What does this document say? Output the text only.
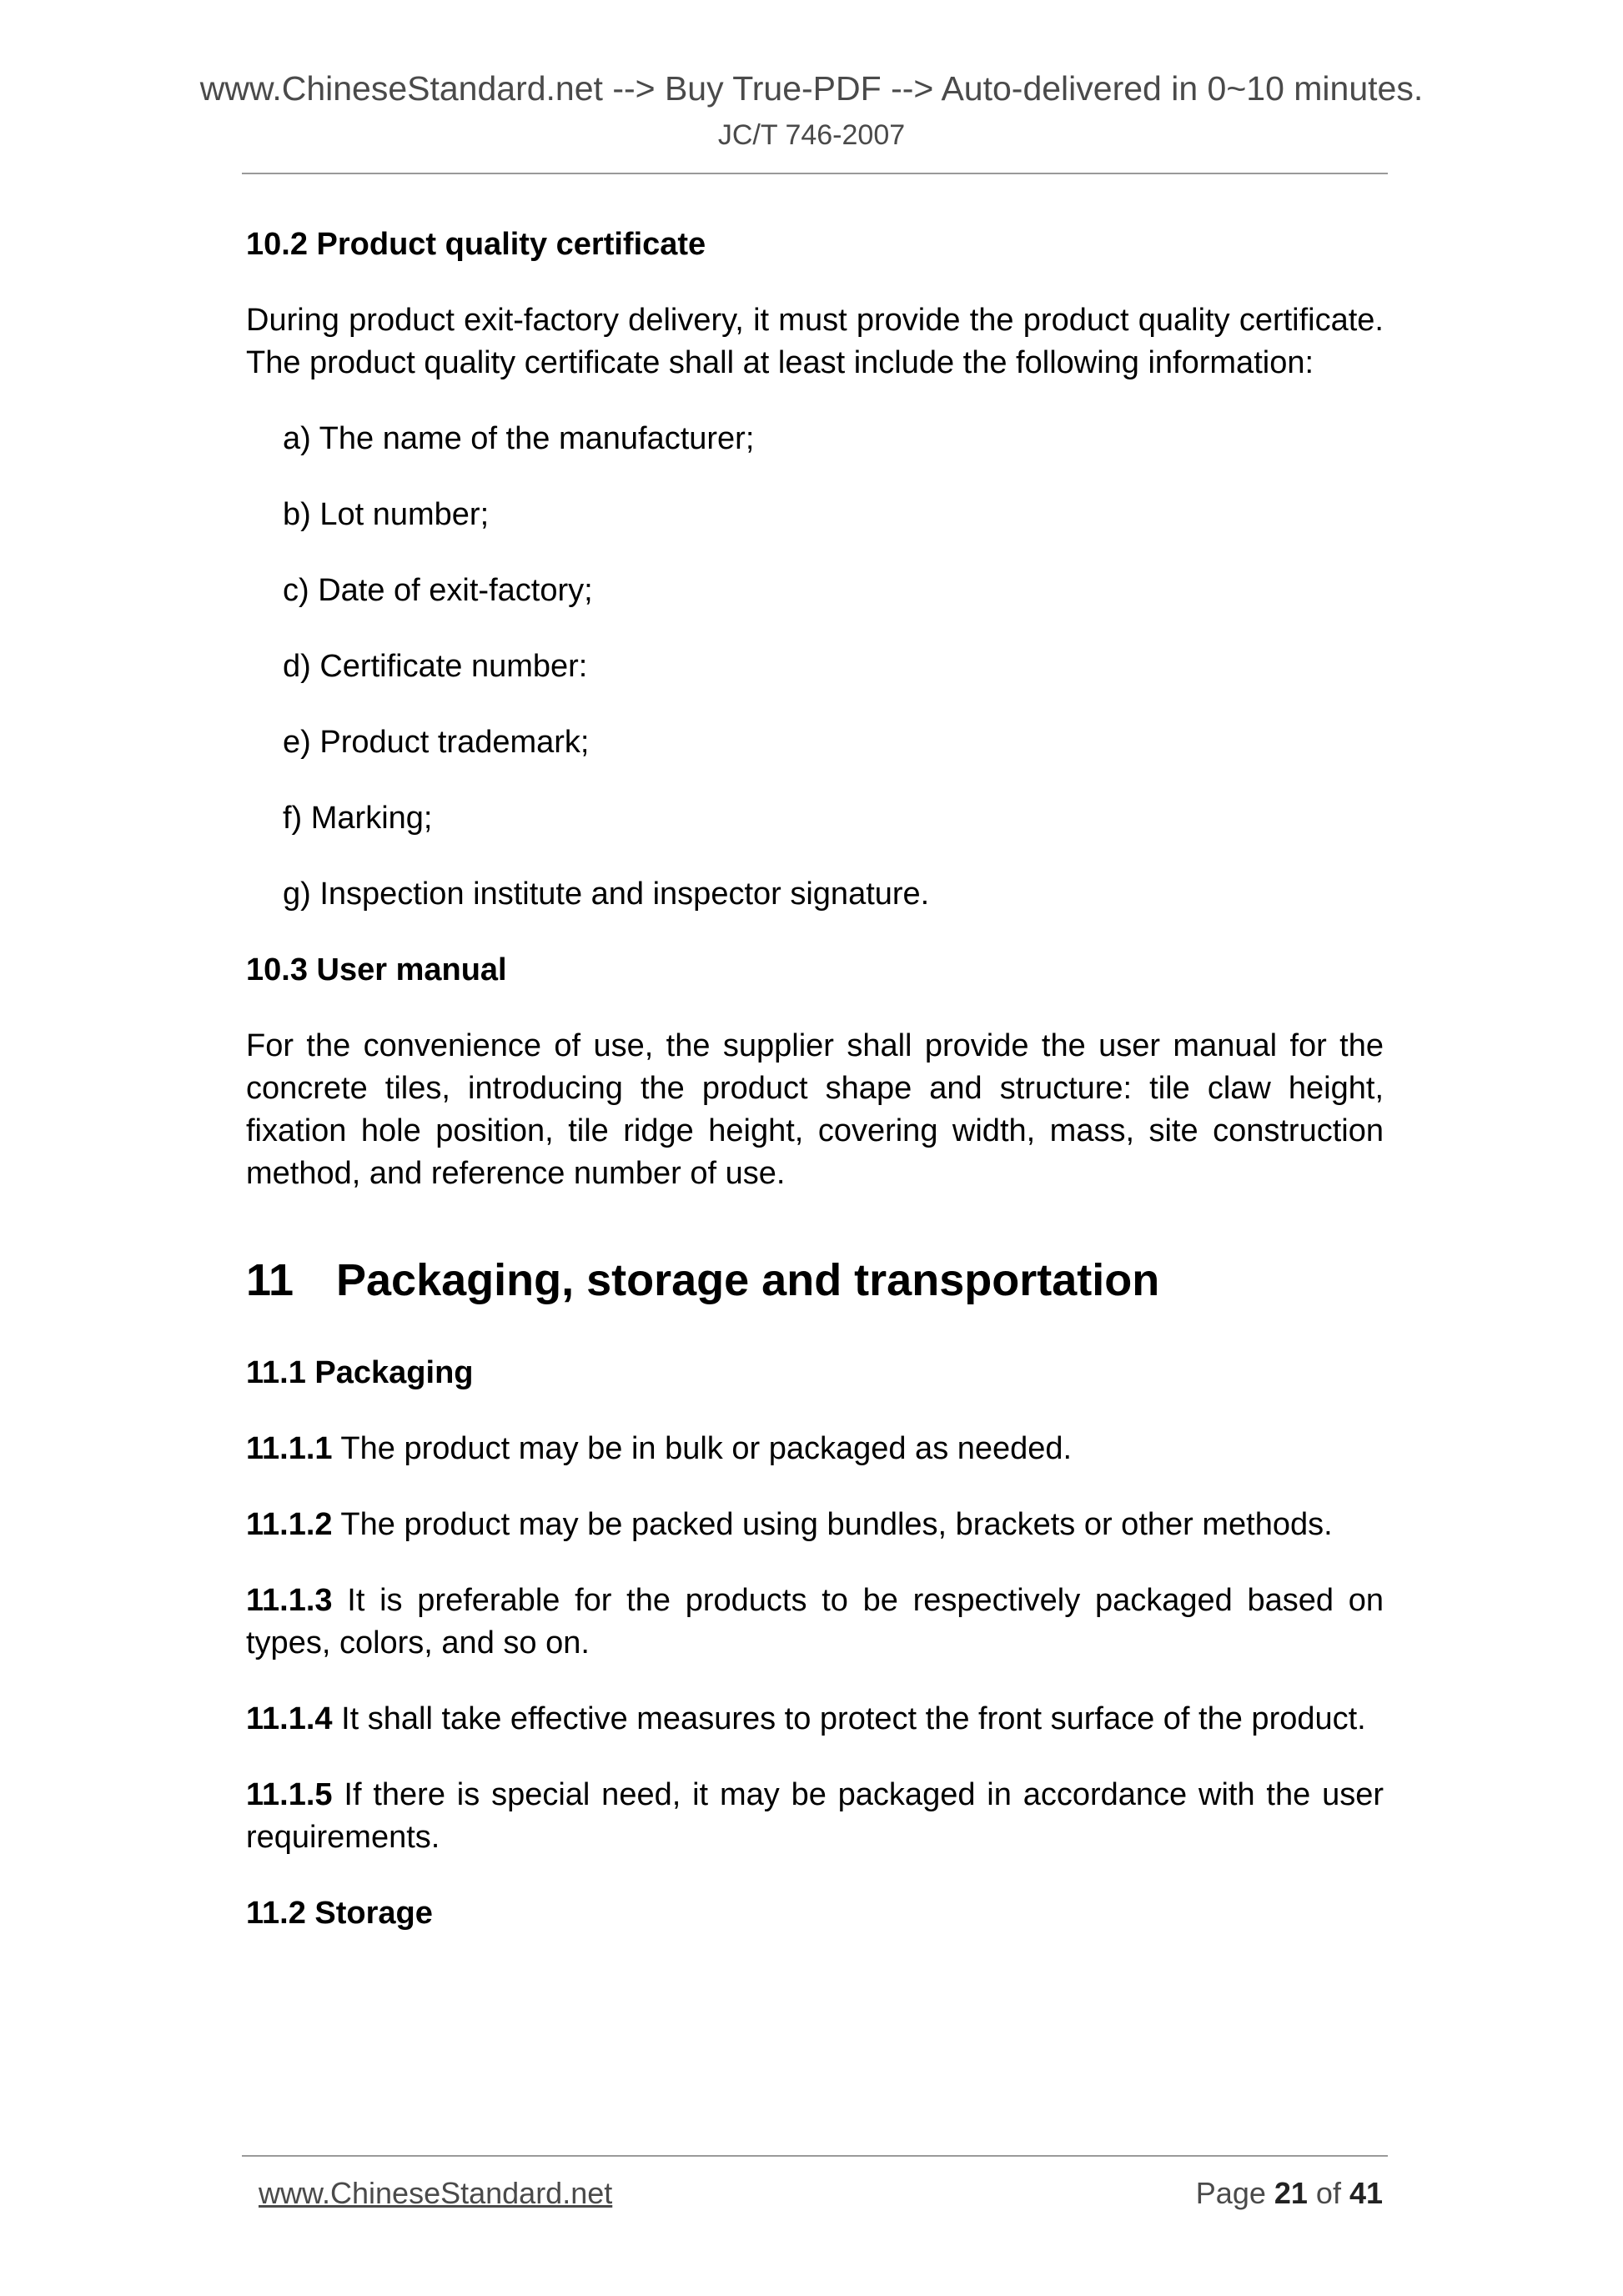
www.ChineseStandard.net --> Buy True-PDF --> Auto-delivered in 0~10 minutes.
JC/T 746-2007
10.2 Product quality certificate

During product exit-factory delivery, it must provide the product quality certificate. The product quality certificate shall at least include the following information:

a) The name of the manufacturer;
b) Lot number;
c) Date of exit-factory;
d) Certificate number:
e) Product trademark;
f) Marking;
g) Inspection institute and inspector signature.
10.3 User manual

For the convenience of use, the supplier shall provide the user manual for the concrete tiles, introducing the product shape and structure: tile claw height, fixation hole position, tile ridge height, covering width, mass, site construction method, and reference number of use.

11 Packaging, storage and transportation
11.1 Packaging

11.1.1 The product may be in bulk or packaged as needed.

11.1.2 The product may be packed using bundles, brackets or other methods.

11.1.3 It is preferable for the products to be respectively packaged based on types, colors, and so on.

11.1.4 It shall take effective measures to protect the front surface of the product.

11.1.5 If there is special need, it may be packaged in accordance with the user requirements.

11.2 Storage
www.ChineseStandard.net	Page 21 of 41
